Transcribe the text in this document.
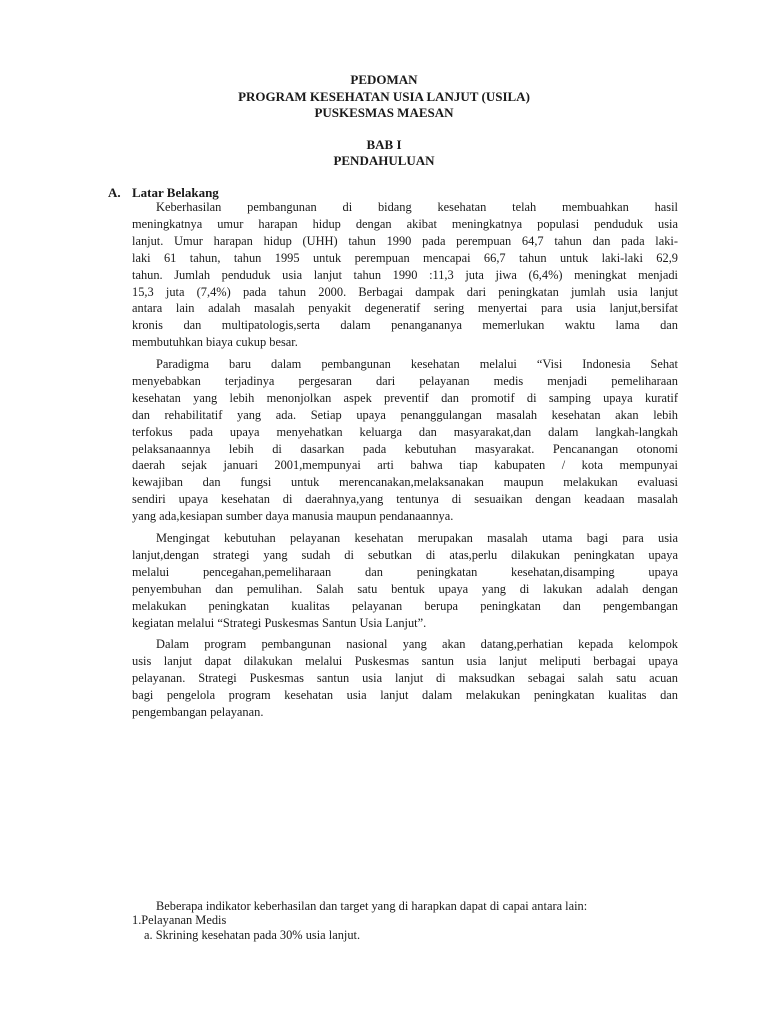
PEDOMAN
PROGRAM KESEHATAN USIA LANJUT (USILA)
PUSKESMAS MAESAN
BAB I
PENDAHULUAN
A. Latar Belakang
Keberhasilan pembangunan di bidang kesehatan telah membuahkan hasil
meningkatnya umur harapan hidup dengan akibat meningkatnya populasi penduduk usia
lanjut. Umur harapan hidup (UHH) tahun 1990 pada perempuan 64,7 tahun dan pada laki-
laki 61 tahun, tahun 1995 untuk perempuan mencapai 66,7 tahun untuk laki-laki 62,9
tahun. Jumlah penduduk usia lanjut tahun 1990 :11,3 juta jiwa (6,4%) meningkat menjadi
15,3 juta (7,4%) pada tahun 2000. Berbagai dampak dari peningkatan jumlah usia lanjut
antara lain adalah masalah penyakit degeneratif sering menyertai para usia lanjut,bersifat
kronis dan multipatologis,serta dalam penangananya memerlukan waktu lama dan
membutuhkan biaya cukup besar.
Paradigma baru dalam pembangunan kesehatan melalui “Visi Indonesia Sehat
menyebabkan terjadinya pergesaran dari pelayanan medis menjadi pemeliharaan
kesehatan yang lebih menonjolkan aspek preventif dan promotif di samping upaya kuratif
dan rehabilitatif yang ada. Setiap upaya penanggulangan masalah kesehatan akan lebih
terfokus pada upaya menyehatkan keluarga dan masyarakat,dan dalam langkah-langkah
pelaksanaannya lebih di dasarkan pada kebutuhan masyarakat. Pencanangan otonomi
daerah sejak januari 2001,mempunyai arti bahwa tiap kabupaten / kota mempunyai
kewajiban dan fungsi untuk merencanakan,melaksanakan maupun melakukan evaluasi
sendiri upaya kesehatan di daerahnya,yang tentunya di sesuaikan dengan keadaan masalah
yang ada,kesiapan sumber daya manusia maupun pendanaannya.
Mengingat kebutuhan pelayanan kesehatan merupakan masalah utama bagi para usia
lanjut,dengan strategi yang sudah di sebutkan di atas,perlu dilakukan peningkatan upaya
melalui pencegahan,pemeliharaan dan peningkatan kesehatan,disamping upaya
penyembuhan dan pemulihan. Salah satu bentuk upaya yang di lakukan adalah dengan
melakukan peningkatan kualitas pelayanan berupa peningkatan dan pengembangan
kegiatan melalui “Strategi Puskesmas Santun Usia Lanjut”.
Dalam program pembangunan nasional yang akan datang,perhatian kepada kelompok
usis lanjut dapat dilakukan melalui Puskesmas santun usia lanjut meliputi berbagai upaya
pelayanan. Strategi Puskesmas santun usia lanjut di maksudkan sebagai salah satu acuan
bagi pengelola program kesehatan usia lanjut dalam melakukan peningkatan kualitas dan
pengembangan pelayanan.
Beberapa indikator keberhasilan dan target yang di harapkan dapat di capai antara lain:
1.Pelayanan Medis
a. Skrining kesehatan pada 30% usia lanjut.
